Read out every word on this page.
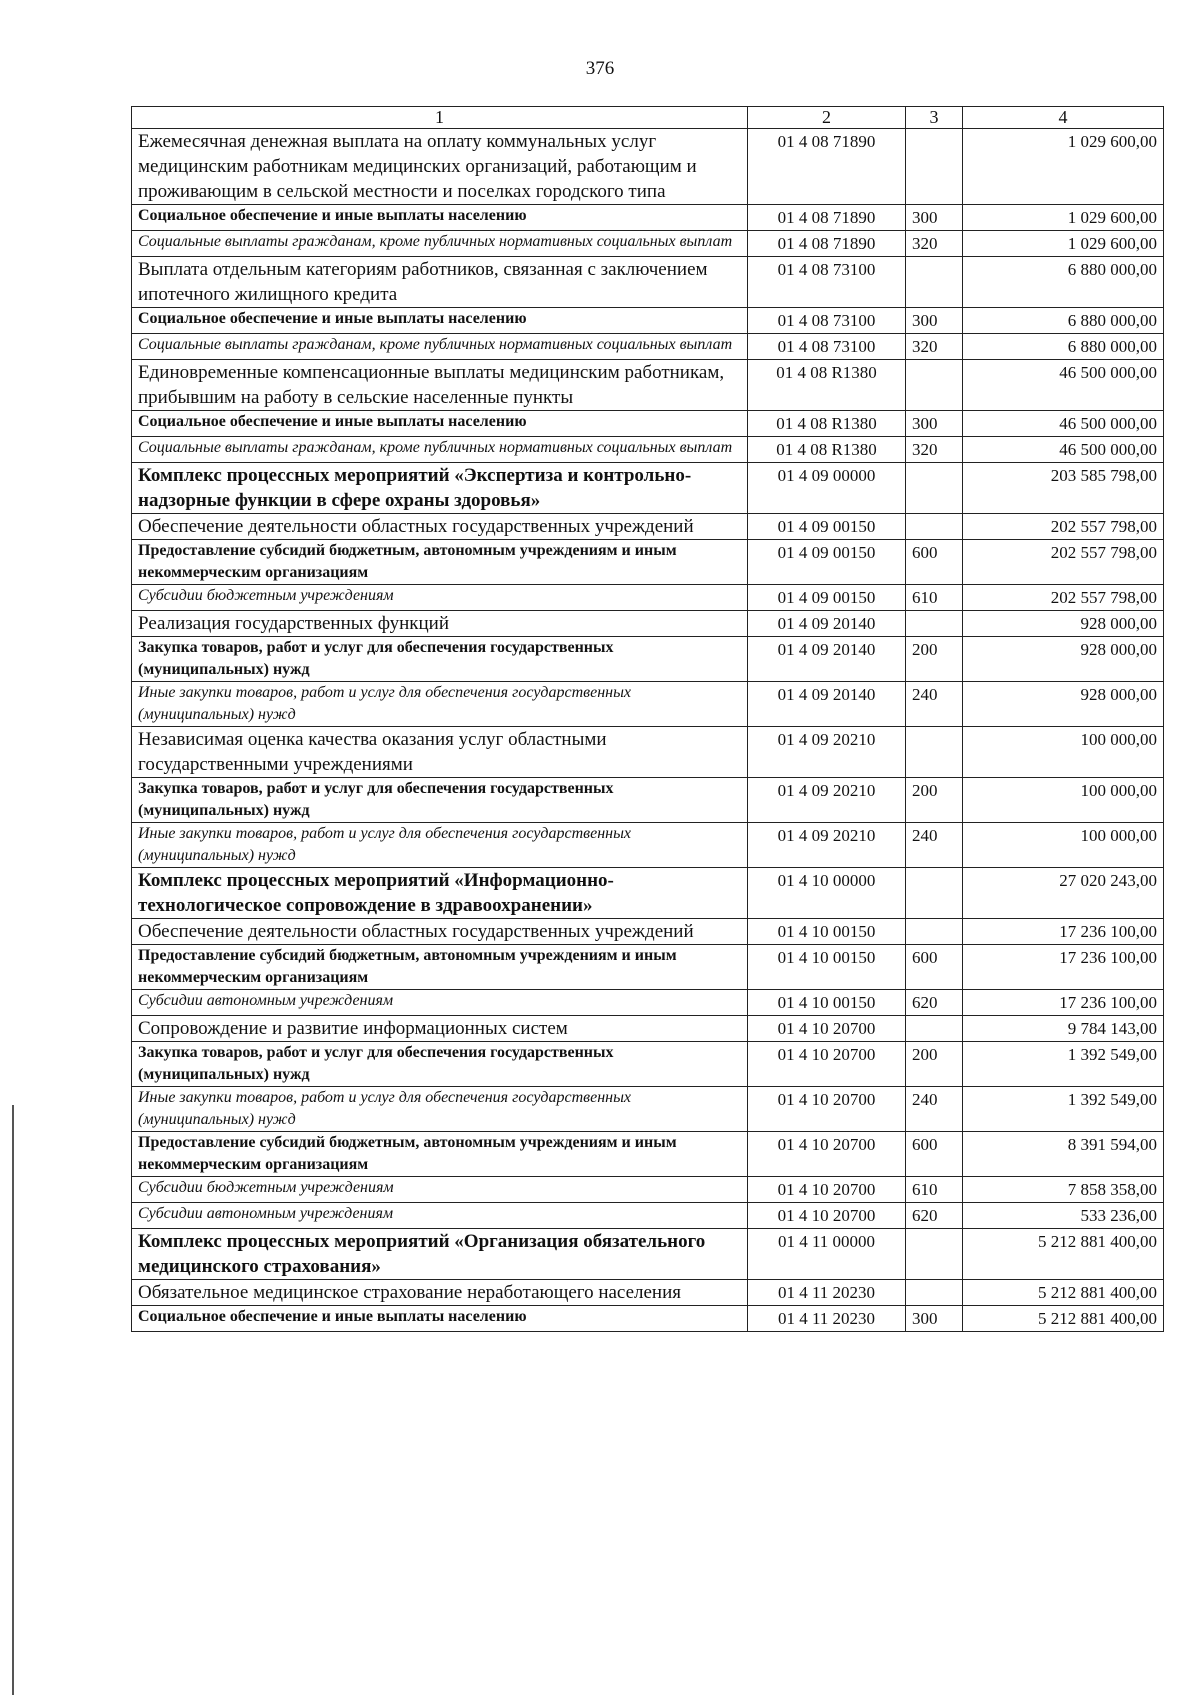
376
1	2	3	4
Ежемесячная денежная выплата на оплату коммунальных услуг медицинским работникам медицинских организаций, работающим и проживающим в сельской местности и поселках городского типа	01 4 08 71890		1 029 600,00
Социальное обеспечение и иные выплаты населению	01 4 08 71890	300	1 029 600,00
Социальные выплаты гражданам, кроме публичных нормативных социальных выплат	01 4 08 71890	320	1 029 600,00
Выплата отдельным категориям работников, связанная с заключением ипотечного жилищного кредита	01 4 08 73100		6 880 000,00
Социальное обеспечение и иные выплаты населению	01 4 08 73100	300	6 880 000,00
Социальные выплаты гражданам, кроме публичных нормативных социальных выплат	01 4 08 73100	320	6 880 000,00
Единовременные компенсационные выплаты медицинским работникам, прибывшим на работу в сельские населенные пункты	01 4 08 R1380		46 500 000,00
Социальное обеспечение и иные выплаты населению	01 4 08 R1380	300	46 500 000,00
Социальные выплаты гражданам, кроме публичных нормативных социальных выплат	01 4 08 R1380	320	46 500 000,00
Комплекс процессных мероприятий «Экспертиза и контрольно-надзорные функции в сфере охраны здоровья»	01 4 09 00000		203 585 798,00
Обеспечение деятельности областных государственных учреждений	01 4 09 00150		202 557 798,00
Предоставление субсидий бюджетным, автономным учреждениям и иным некоммерческим организациям	01 4 09 00150	600	202 557 798,00
Субсидии бюджетным учреждениям	01 4 09 00150	610	202 557 798,00
Реализация государственных функций	01 4 09 20140		928 000,00
Закупка товаров, работ и услуг для обеспечения государственных (муниципальных) нужд	01 4 09 20140	200	928 000,00
Иные закупки товаров, работ и услуг для обеспечения государственных (муниципальных) нужд	01 4 09 20140	240	928 000,00
Независимая оценка качества оказания услуг областными государственными учреждениями	01 4 09 20210		100 000,00
Закупка товаров, работ и услуг для обеспечения государственных (муниципальных) нужд	01 4 09 20210	200	100 000,00
Иные закупки товаров, работ и услуг для обеспечения государственных (муниципальных) нужд	01 4 09 20210	240	100 000,00
Комплекс процессных мероприятий «Информационно-технологическое сопровождение в здравоохранении»	01 4 10 00000		27 020 243,00
Обеспечение деятельности областных государственных учреждений	01 4 10 00150		17 236 100,00
Предоставление субсидий бюджетным, автономным учреждениям и иным некоммерческим организациям	01 4 10 00150	600	17 236 100,00
Субсидии автономным учреждениям	01 4 10 00150	620	17 236 100,00
Сопровождение и развитие информационных систем	01 4 10 20700		9 784 143,00
Закупка товаров, работ и услуг для обеспечения государственных (муниципальных) нужд	01 4 10 20700	200	1 392 549,00
Иные закупки товаров, работ и услуг для обеспечения государственных (муниципальных) нужд	01 4 10 20700	240	1 392 549,00
Предоставление субсидий бюджетным, автономным учреждениям и иным некоммерческим организациям	01 4 10 20700	600	8 391 594,00
Субсидии бюджетным учреждениям	01 4 10 20700	610	7 858 358,00
Субсидии автономным учреждениям	01 4 10 20700	620	533 236,00
Комплекс процессных мероприятий «Организация обязательного медицинского страхования»	01 4 11 00000		5 212 881 400,00
Обязательное медицинское страхование неработающего населения	01 4 11 20230		5 212 881 400,00
Социальное обеспечение и иные выплаты населению	01 4 11 20230	300	5 212 881 400,00
